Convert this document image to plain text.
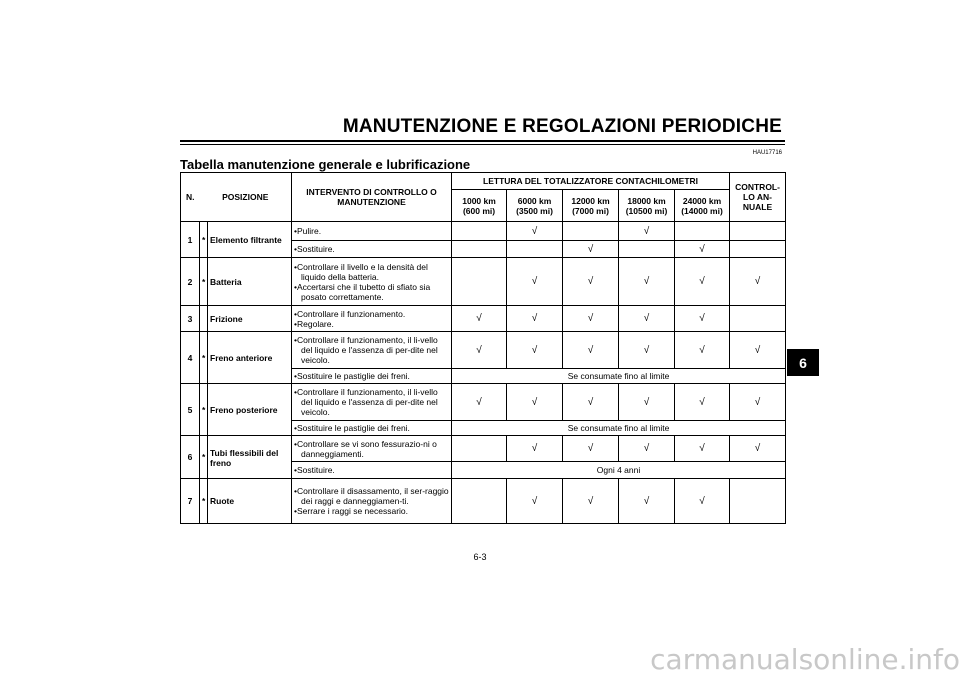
MANUTENZIONE E REGOLAZIONI PERIODICHE
HAU17716
Tabella manutenzione generale e lubrificazione
6
N.	POSIZIONE		INTERVENTO DI CONTROLLO O MANUTENZIONE	LETTURA DEL TOTALIZZATORE CONTACHILOMETRI					CONTROL-LO AN-NUALE
				1000 km (600 mi)	6000 km (3500 mi)	12000 km (7000 mi)	18000 km (10500 mi)	24000 km (14000 mi)	
1	*	Elemento filtrante	• Pulire.		√		√		

			• Sostituire.			√		√	
2	*	Batteria	• Controllare il livello e la densità del liquido della batteria.
• Accertarsi che il tubetto di sfiato sia posato correttamente.		√	√	√	√	√
3		Frizione	• Controllare il funzionamento.
• Regolare.	√	√	√	√	√	
4	*	Freno anteriore	• Controllare il funzionamento, il li-vello del liquido e l'assenza di per-dite nel veicolo.	√	√	√	√	√	√

			• Sostituire le pastiglie dei freni.	Se consumate fino al limite					
5	*	Freno posteriore	• Controllare il funzionamento, il li-vello del liquido e l'assenza di per-dite nel veicolo.	√	√	√	√	√	√

			• Sostituire le pastiglie dei freni.	Se consumate fino al limite					
6	*	Tubi flessibili del freno	• Controllare se vi sono fessurazio-ni o danneggiamenti.		√	√	√	√	√

			• Sostituire.	Ogni 4 anni					
7	*	Ruote	• Controllare il disassamento, il ser-raggio dei raggi e danneggiamen-ti.
• Serrare i raggi se necessario.		√	√	√	√	
6-3
carmanualsonline.info
